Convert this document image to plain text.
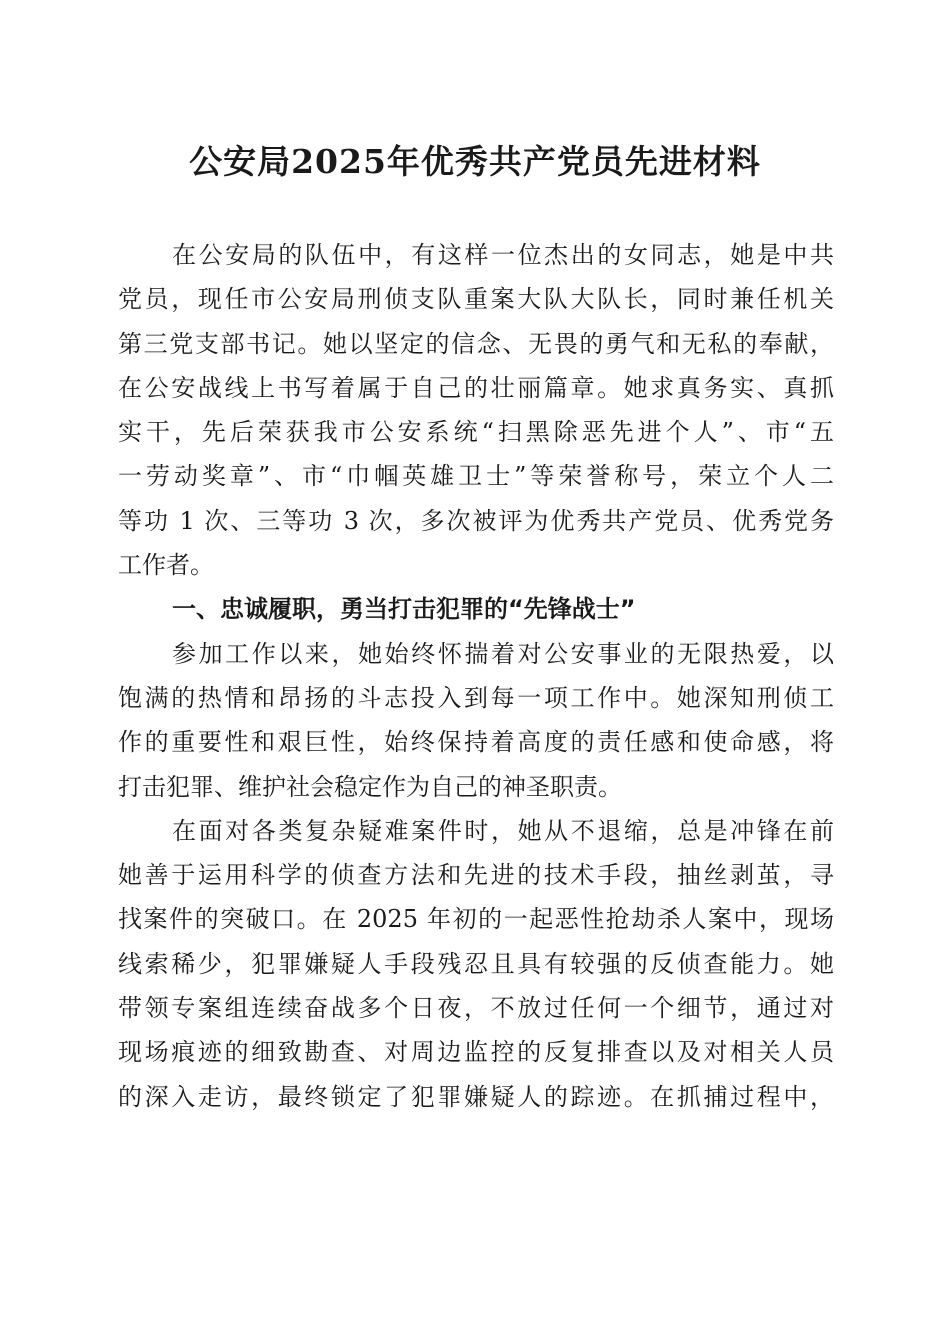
公安局2025年优秀共产党员先进材料
在公安局的队伍中，有这样一位杰出的女同志，她是中共
党员，现任市公安局刑侦支队重案大队大队长，同时兼任机关
第三党支部书记。她以坚定的信念、无畏的勇气和无私的奉献，
在公安战线上书写着属于自己的壮丽篇章。她求真务实、真抓
实干，先后荣获我市公安系统“扫黑除恶先进个人”、市“五
一劳动奖章”、市“巾帼英雄卫士”等荣誉称号，荣立个人二
等功 1 次、三等功 3 次，多次被评为优秀共产党员、优秀党务
工作者。
一、忠诚履职，勇当打击犯罪的“先锋战士”
参加工作以来，她始终怀揣着对公安事业的无限热爱，以
饱满的热情和昂扬的斗志投入到每一项工作中。她深知刑侦工
作的重要性和艰巨性，始终保持着高度的责任感和使命感，将
打击犯罪、维护社会稳定作为自己的神圣职责。
在面对各类复杂疑难案件时，她从不退缩，总是冲锋在前
她善于运用科学的侦查方法和先进的技术手段，抽丝剥茧，寻
找案件的突破口。在 2025 年初的一起恶性抢劫杀人案中，现场
线索稀少，犯罪嫌疑人手段残忍且具有较强的反侦查能力。她
带领专案组连续奋战多个日夜，不放过任何一个细节，通过对
现场痕迹的细致勘查、对周边监控的反复排查以及对相关人员
的深入走访，最终锁定了犯罪嫌疑人的踪迹。在抓捕过程中，
